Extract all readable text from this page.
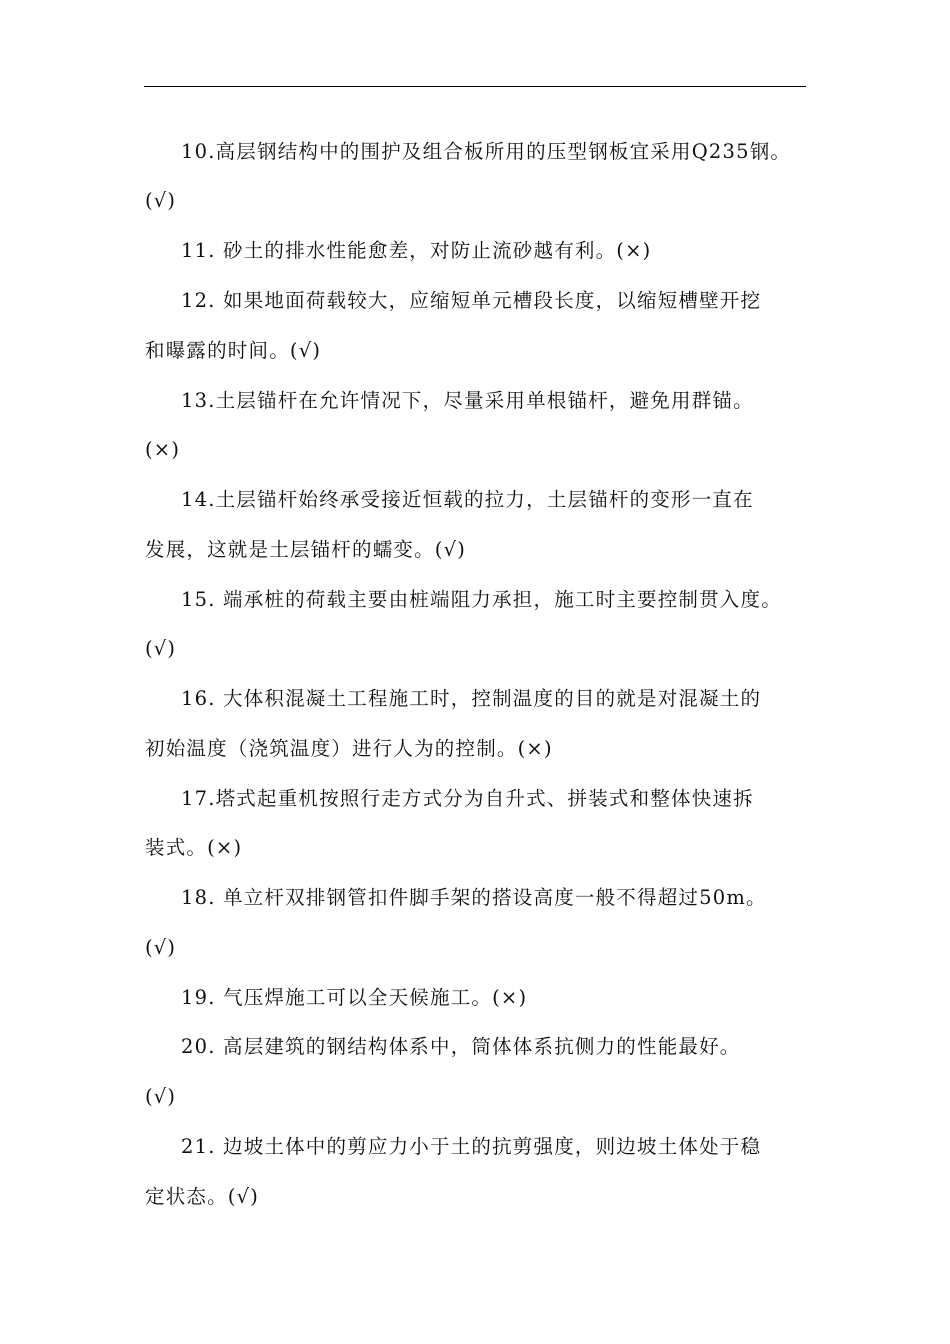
10.高层钢结构中的围护及组合板所用的压型钢板宜采用Q235钢。
(√)
11. 砂土的排水性能愈差，对防止流砂越有利。(×)
12. 如果地面荷载较大，应缩短单元槽段长度，以缩短槽壁开挖
和曝露的时间。(√)
13.土层锚杆在允许情况下，尽量采用单根锚杆，避免用群锚。
(×)
14.土层锚杆始终承受接近恒载的拉力，土层锚杆的变形一直在
发展，这就是土层锚杆的蠕变。(√)
15. 端承桩的荷载主要由桩端阻力承担，施工时主要控制贯入度。
(√)
16. 大体积混凝土工程施工时，控制温度的目的就是对混凝土的
初始温度（浇筑温度）进行人为的控制。(×)
17.塔式起重机按照行走方式分为自升式、拼装式和整体快速拆
装式。(×)
18. 单立杆双排钢管扣件脚手架的搭设高度一般不得超过50m。
(√)
19. 气压焊施工可以全天候施工。(×)
20. 高层建筑的钢结构体系中，筒体体系抗侧力的性能最好。
(√)
21. 边坡土体中的剪应力小于土的抗剪强度，则边坡土体处于稳
定状态。(√)
